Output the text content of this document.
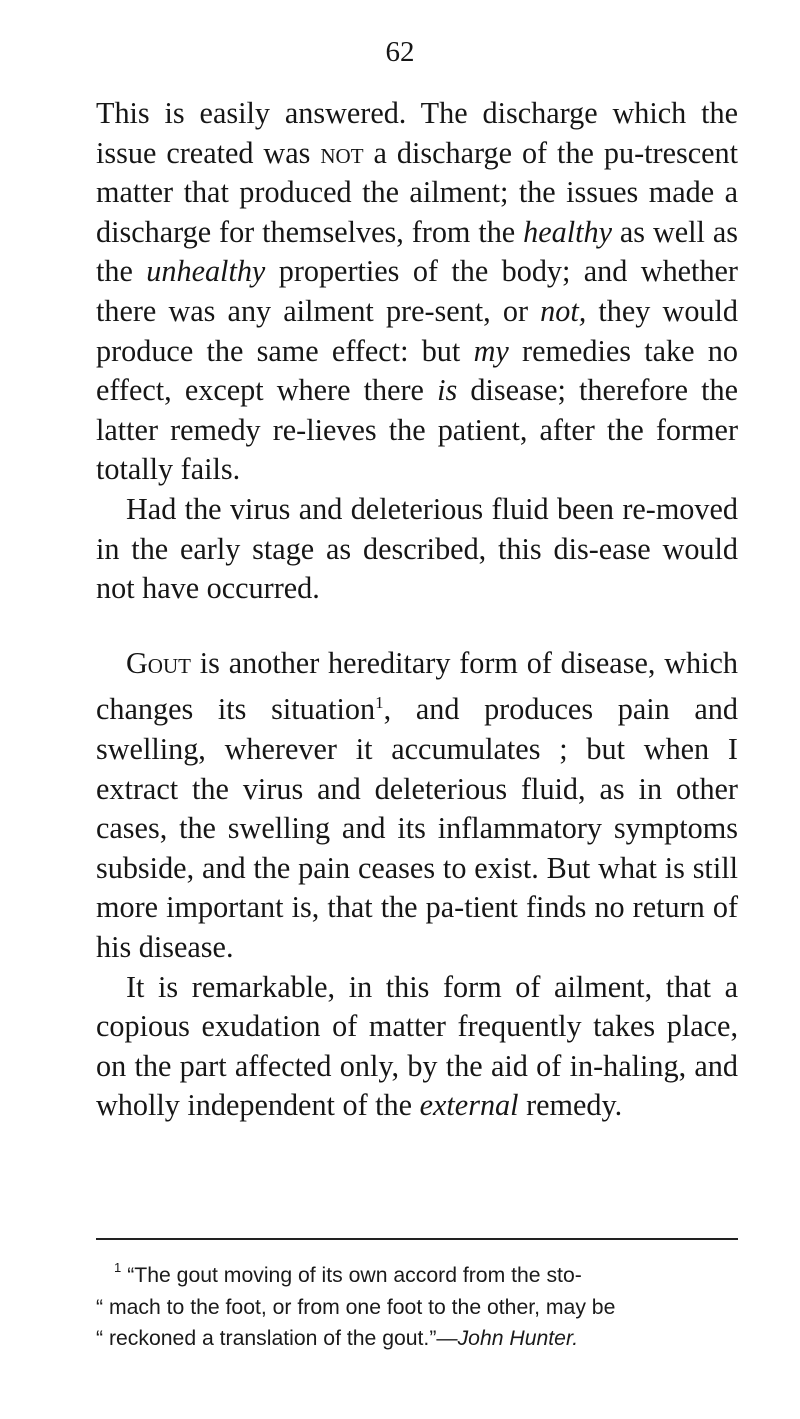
62

This is easily answered. The discharge which the issue created was not a discharge of the pu-trescent matter that produced the ailment; the issues made a discharge for themselves, from the healthy as well as the unhealthy properties of the body; and whether there was any ailment pre-sent, or not, they would produce the same effect: but my remedies take no effect, except where there is disease; therefore the latter remedy re-lieves the patient, after the former totally fails.

Had the virus and deleterious fluid been re-moved in the early stage as described, this dis-ease would not have occurred.

Gout is another hereditary form of disease, which changes its situation$^1$, and produces pain and swelling, wherever it accumulates ; but when I extract the virus and deleterious fluid, as in other cases, the swelling and its inflammatory symptoms subside, and the pain ceases to exist. But what is still more important is, that the pa-tient finds no return of his disease.

It is remarkable, in this form of ailment, that a copious exudation of matter frequently takes place, on the part affected only, by the aid of in-haling, and wholly independent of the external remedy.

$^1$ “The gout moving of its own accord from the sto-
“ mach to the foot, or from one foot to the other, may be
“ reckoned a translation of the gout.”—John Hunter.
